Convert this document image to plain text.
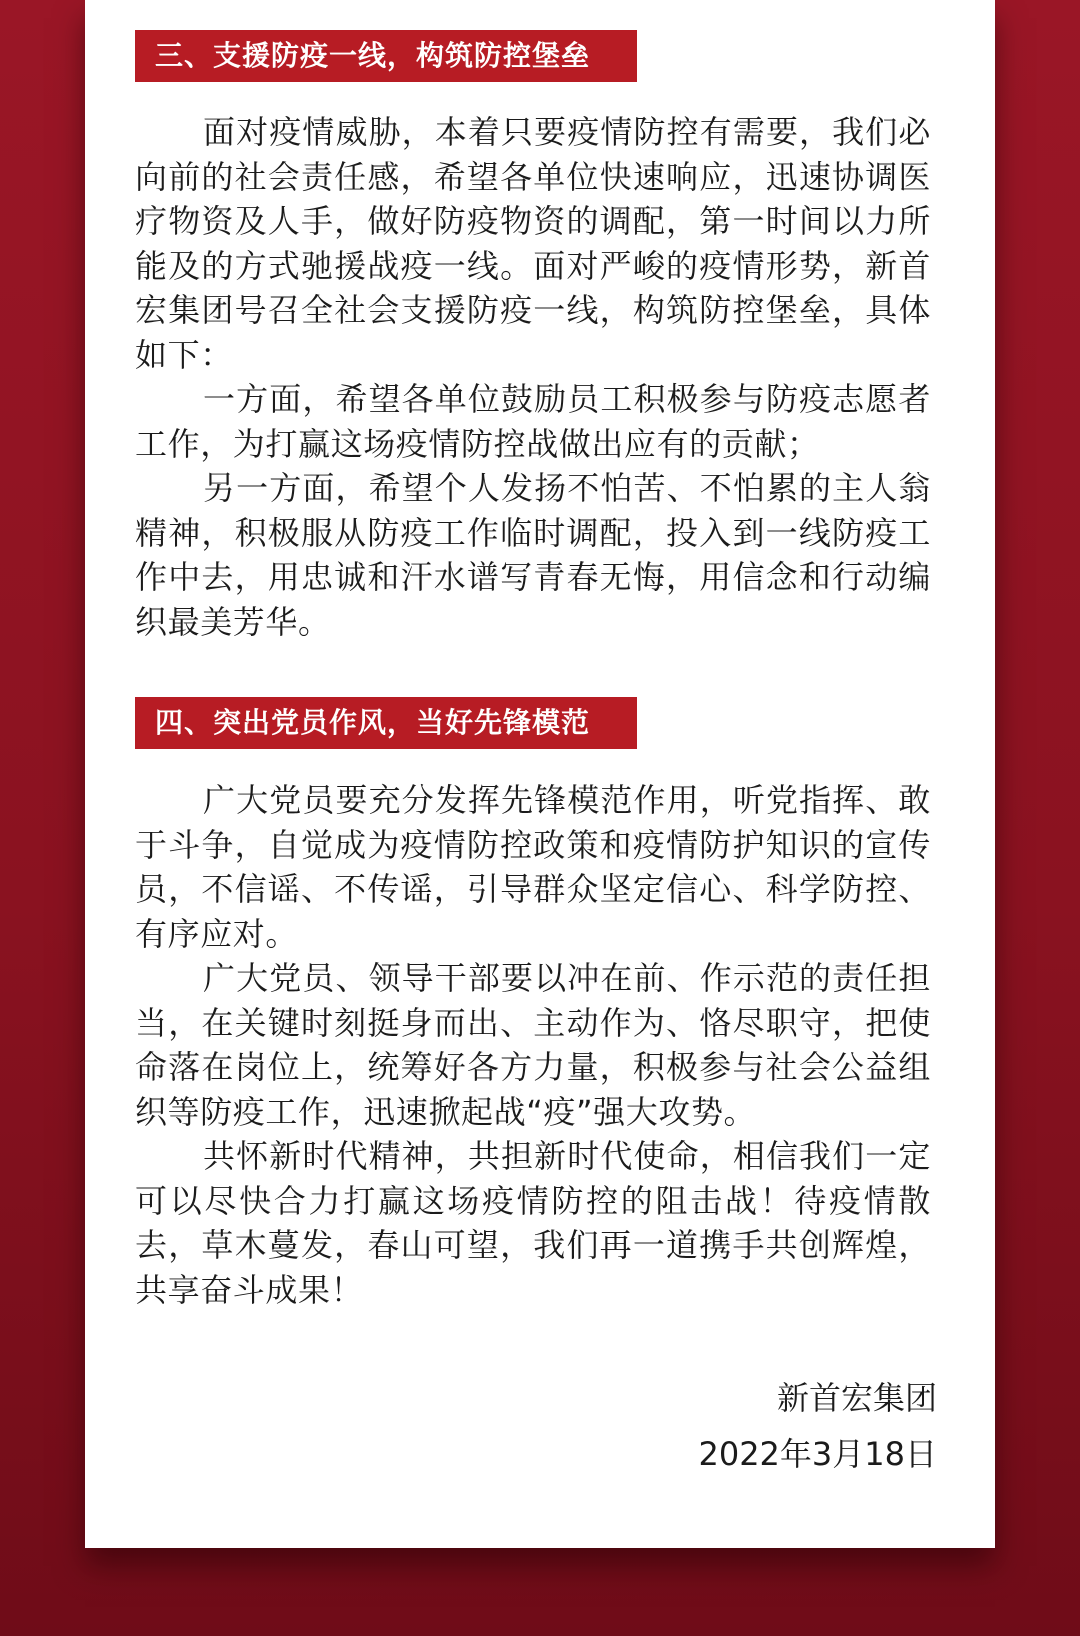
三、支援防疫一线，构筑防控堡垒

面对疫情威胁，本着只要疫情防控有需要，我们必向前的社会责任感，希望各单位快速响应，迅速协调医疗物资及人手，做好防疫物资的调配，第一时间以力所能及的方式驰援战疫一线。面对严峻的疫情形势，新首宏集团号召全社会支援防疫一线，构筑防控堡垒，具体如下：

一方面，希望各单位鼓励员工积极参与防疫志愿者工作，为打赢这场疫情防控战做出应有的贡献；

另一方面，希望个人发扬不怕苦、不怕累的主人翁精神，积极服从防疫工作临时调配，投入到一线防疫工作中去，用忠诚和汗水谱写青春无悔，用信念和行动编织最美芳华。

四、突出党员作风，当好先锋模范

广大党员要充分发挥先锋模范作用，听党指挥、敢于斗争，自觉成为疫情防控政策和疫情防护知识的宣传员，不信谣、不传谣，引导群众坚定信心、科学防控、有序应对。

广大党员、领导干部要以冲在前、作示范的责任担当，在关键时刻挺身而出、主动作为、恪尽职守，把使命落在岗位上，统筹好各方力量，积极参与社会公益组织等防疫工作，迅速掀起战“疫”强大攻势。

共怀新时代精神，共担新时代使命，相信我们一定可以尽快合力打赢这场疫情防控的阻击战！待疫情散去，草木蔓发，春山可望，我们再一道携手共创辉煌，共享奋斗成果！

新首宏集团
2022年3月18日
